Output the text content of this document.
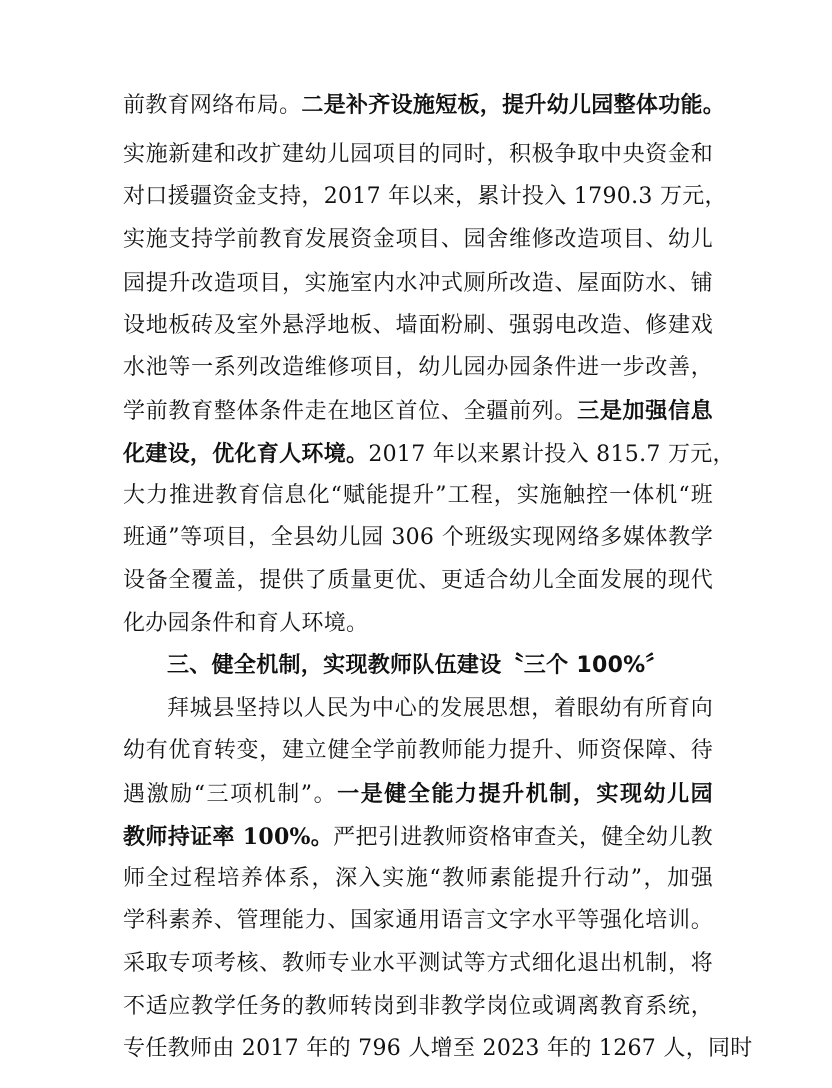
前教育网络布局。二是补齐设施短板，提升幼儿园整体功能。
实施新建和改扩建幼儿园项目的同时，积极争取中央资金和
对口援疆资金支持，2017 年以来，累计投入 1790.3 万元，
实施支持学前教育发展资金项目、园舍维修改造项目、幼儿
园提升改造项目，实施室内水冲式厕所改造、屋面防水、铺
设地板砖及室外悬浮地板、墙面粉刷、强弱电改造、修建戏
水池等一系列改造维修项目，幼儿园办园条件进一步改善，
学前教育整体条件走在地区首位、全疆前列。三是加强信息
化建设，优化育人环境。2017 年以来累计投入 815.7 万元，
大力推进教育信息化“赋能提升”工程，实施触控一体机“班
班通”等项目，全县幼儿园 306 个班级实现网络多媒体教学
设备全覆盖，提供了质量更优、更适合幼儿全面发展的现代
化办园条件和育人环境。
三、健全机制，实现教师队伍建设〝三个 100%〞
拜城县坚持以人民为中心的发展思想，着眼幼有所育向
幼有优育转变，建立健全学前教师能力提升、师资保障、待
遇激励“三项机制”。一是健全能力提升机制，实现幼儿园
教师持证率 100%。严把引进教师资格审查关，健全幼儿教
师全过程培养体系，深入实施“教师素能提升行动”，加强
学科素养、管理能力、国家通用语言文字水平等强化培训。
采取专项考核、教师专业水平测试等方式细化退出机制，将
不适应教学任务的教师转岗到非教学岗位或调离教育系统，
专任教师由 2017 年的 796 人增至 2023 年的 1267 人，同时
